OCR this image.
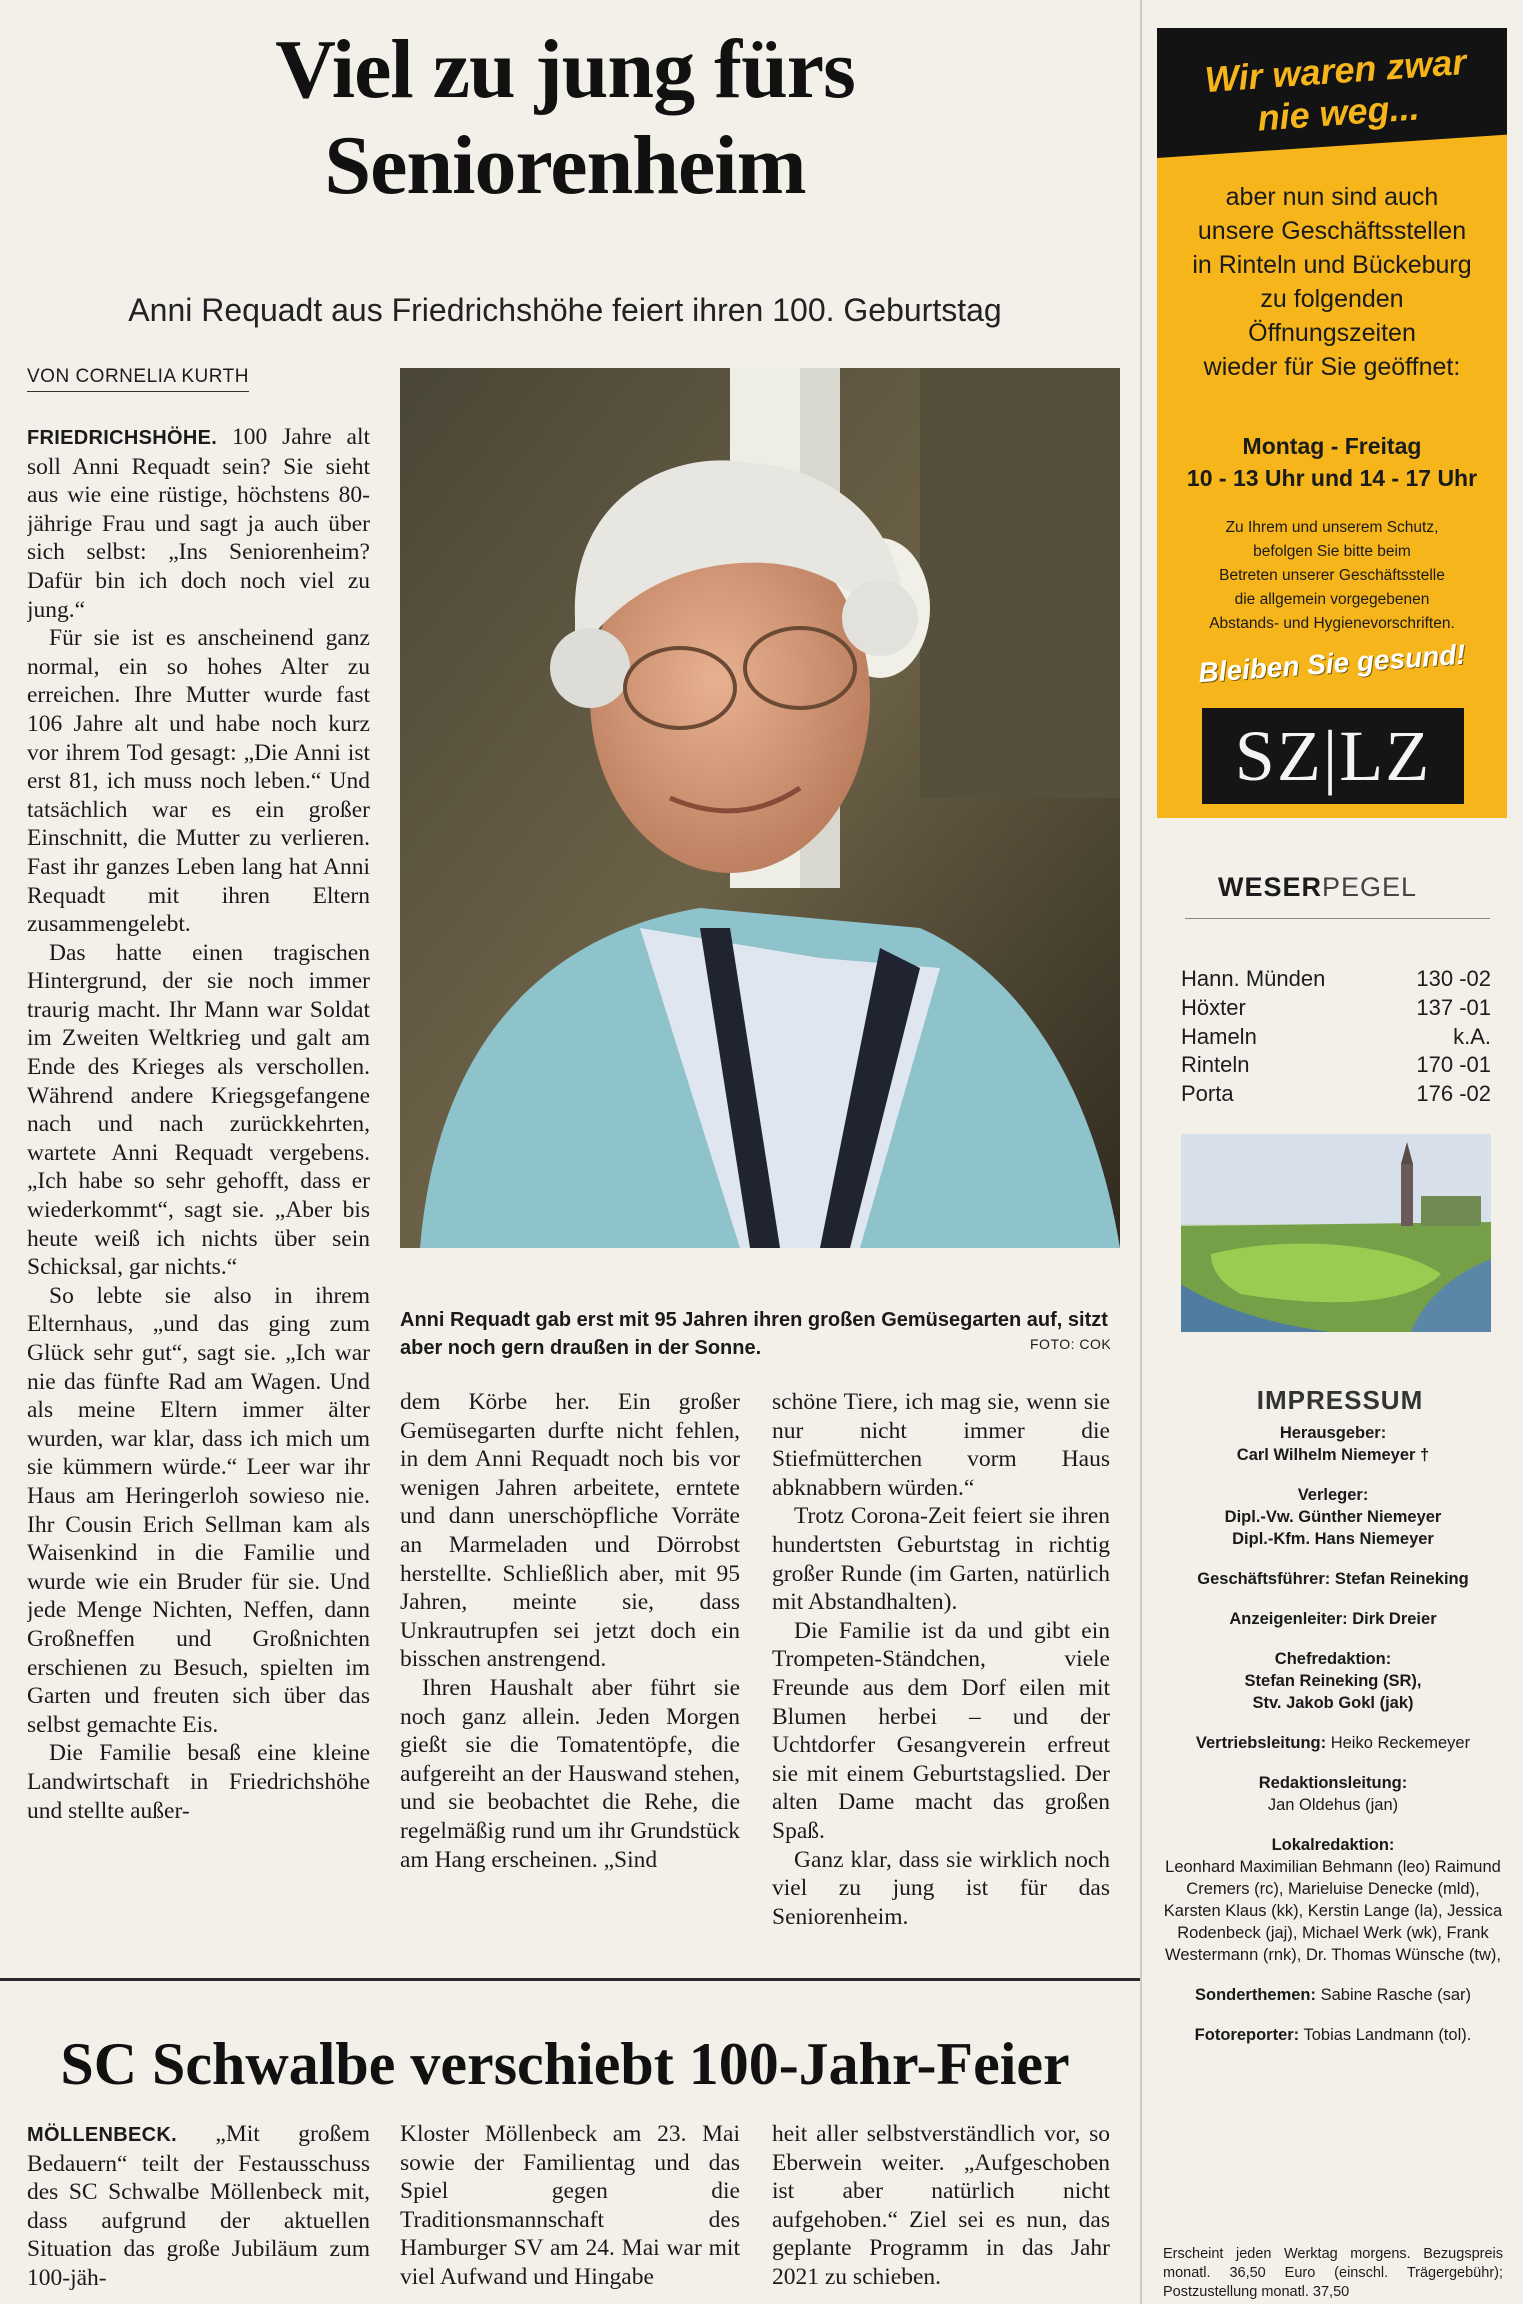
Viel zu jung fürs
Seniorenheim
Anni Requadt aus Friedrichshöhe feiert ihren 100. Geburtstag
VON CORNELIA KURTH

FRIEDRICHSHÖHE. 100 Jahre alt soll Anni Requadt sein? Sie sieht aus wie eine rüstige, höchstens 80-jährige Frau und sagt ja auch über sich selbst: „Ins Seniorenheim? Dafür bin ich doch noch viel zu jung.“

Für sie ist es anscheinend ganz normal, ein so hohes Alter zu erreichen. Ihre Mutter wurde fast 106 Jahre alt und habe noch kurz vor ihrem Tod gesagt: „Die Anni ist erst 81, ich muss noch leben.“ Und tatsächlich war es ein großer Einschnitt, die Mutter zu verlieren. Fast ihr ganzes Leben lang hat Anni Requadt mit ihren Eltern zusammengelebt.

Das hatte einen tragischen Hintergrund, der sie noch immer traurig macht. Ihr Mann war Soldat im Zweiten Weltkrieg und galt am Ende des Krieges als verschollen. Während andere Kriegsgefangene nach und nach zurückkehrten, wartete Anni Requadt vergebens. „Ich habe so sehr gehofft, dass er wiederkommt“, sagt sie. „Aber bis heute weiß ich nichts über sein Schicksal, gar nichts.“

So lebte sie also in ihrem Elternhaus, „und das ging zum Glück sehr gut“, sagt sie. „Ich war nie das fünfte Rad am Wagen. Und als meine Eltern immer älter wurden, war klar, dass ich mich um sie kümmern würde.“ Leer war ihr Haus am Heringerloh sowieso nie. Ihr Cousin Erich Sellman kam als Waisenkind in die Familie und wurde wie ein Bruder für sie. Und jede Menge Nichten, Neffen, dann Großneffen und Großnichten erschienen zu Besuch, spielten im Garten und freuten sich über das selbst gemachte Eis.

Die Familie besaß eine kleine Landwirtschaft in Friedrichshöhe und stellte außer-

Anni Requadt gab erst mit 95 Jahren ihren großen Gemüsegarten auf, sitzt aber noch gern draußen in der Sonne.	FOTO: COK

dem Körbe her. Ein großer Gemüsegarten durfte nicht fehlen, in dem Anni Requadt noch bis vor wenigen Jahren arbeitete, erntete und dann unerschöpfliche Vorräte an Marmeladen und Dörrobst herstellte. Schließlich aber, mit 95 Jahren, meinte sie, dass Unkrautrupfen sei jetzt doch ein bisschen anstrengend.

Ihren Haushalt aber führt sie noch ganz allein. Jeden Morgen gießt sie die Tomatentöpfe, die aufgereiht an der Hauswand stehen, und sie beobachtet die Rehe, die regelmäßig rund um ihr Grundstück am Hang erscheinen. „Sind

schöne Tiere, ich mag sie, wenn sie nur nicht immer die Stiefmütterchen vorm Haus abknabbern würden.“

Trotz Corona-Zeit feiert sie ihren hundertsten Geburtstag in richtig großer Runde (im Garten, natürlich mit Abstandhalten).

Die Familie ist da und gibt ein Trompeten-Ständchen, viele Freunde aus dem Dorf eilen mit Blumen herbei – und der Uchtdorfer Gesangverein erfreut sie mit einem Geburtstagslied. Der alten Dame macht das großen Spaß.

Ganz klar, dass sie wirklich noch viel zu jung ist für das Seniorenheim.

SC Schwalbe verschiebt 100-Jahr-Feier

MÖLLENBECK. „Mit großem Bedauern“ teilt der Festausschuss des SC Schwalbe Möllenbeck mit, dass aufgrund der aktuellen Situation das große Jubiläum zum 100-jäh-

Kloster Möllenbeck am 23. Mai sowie der Familientag und das Spiel gegen die Traditionsmannschaft des Hamburger SV am 24. Mai war mit viel Aufwand und Hingabe

heit aller selbstverständlich vor, so Eberwein weiter. „Aufgeschoben ist aber natürlich nicht aufgehoben.“ Ziel sei es nun, das geplante Programm in das Jahr 2021 zu schieben.

Wir waren zwar
nie weg...
aber nun sind auch
unsere Geschäftsstellen
in Rinteln und Bückeburg
zu folgenden
Öffnungszeiten
wieder für Sie geöffnet:
Montag - Freitag
10 - 13 Uhr und 14 - 17 Uhr
Zu Ihrem und unserem Schutz,
befolgen Sie bitte beim
Betreten unserer Geschäftsstelle
die allgemein vorgegebenen
Abstands- und Hygienevorschriften.
Bleiben Sie gesund!
SZ|LZ
WESERPEGEL
Hann. Münden	130 -02
Höxter	137 -01
Hameln	k.A.
Rinteln	170 -01
Porta	176 -02
IMPRESSUM
Herausgeber:
Carl Wilhelm Niemeyer †
Verleger:
Dipl.-Vw. Günther Niemeyer
Dipl.-Kfm. Hans Niemeyer
Geschäftsführer: Stefan Reineking
Anzeigenleiter: Dirk Dreier
Chefredaktion:
Stefan Reineking (SR),
Stv. Jakob Gokl (jak)
Vertriebsleitung: Heiko Reckemeyer
Redaktionsleitung:
Jan Oldehus (jan)
Lokalredaktion:
Leonhard Maximilian Behmann (leo) Raimund Cremers (rc), Marieluise Denecke (mld), Karsten Klaus (kk), Kerstin Lange (la), Jessica Rodenbeck (jaj), Michael Werk (wk), Frank Westermann (rnk), Dr. Thomas Wünsche (tw),
Sonderthemen: Sabine Rasche (sar)
Fotoreporter: Tobias Landmann (tol).
Erscheint jeden Werktag morgens. Bezugspreis monatl. 36,50 Euro (einschl. Trägergebühr); Postzustellung monatl. 37,50
